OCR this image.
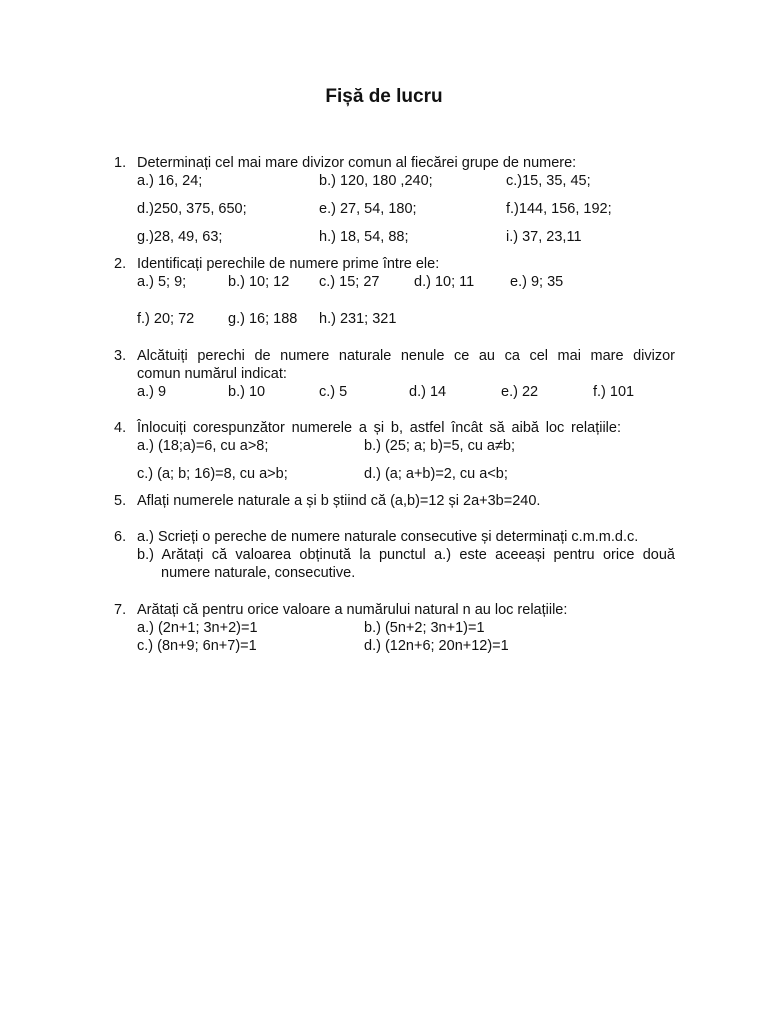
Fișă de lucru
1. Determinați cel mai mare divizor comun al fiecărei grupe de numere:
a.) 16, 24;	b.) 120, 180 ,240;	c.)15, 35, 45;
d.)250, 375, 650;	e.) 27, 54, 180;	f.)144, 156, 192;
g.)28, 49, 63;	h.) 18, 54, 88;	i.) 37, 23,11
2. Identificați perechile de numere prime între ele:
a.) 5; 9;	b.) 10; 12 c.) 15; 27 d.) 10; 11 e.) 9; 35
f.) 20; 72 g.) 16; 188 h.) 231; 321
3. Alcătuiți perechi de numere naturale nenule ce au ca cel mai mare divizor
comun numărul indicat:
a.) 9	b.) 10	c.) 5	d.) 14	e.) 22	f.) 101
4. Înlocuiți corespunzător numerele a și b, astfel încât să aibă loc relațiile:
a.) (18;a)=6, cu a>8;	b.) (25; a; b)=5, cu a≠b;
c.) (a; b; 16)=8, cu a>b;	d.) (a; a+b)=2, cu a<b;
5. Aflați numerele naturale a și b știind că (a,b)=12 și 2a+3b=240.
6. a.) Scrieți o pereche de numere naturale consecutive și determinați c.m.m.d.c.
b.) Arătați că valoarea obținută la punctul a.) este aceeași pentru orice două
numere naturale, consecutive.
7. Arătați că pentru orice valoare a numărului natural n au loc relațiile:
a.) (2n+1; 3n+2)=1	b.) (5n+2; 3n+1)=1
c.) (8n+9; 6n+7)=1	d.) (12n+6; 20n+12)=1
